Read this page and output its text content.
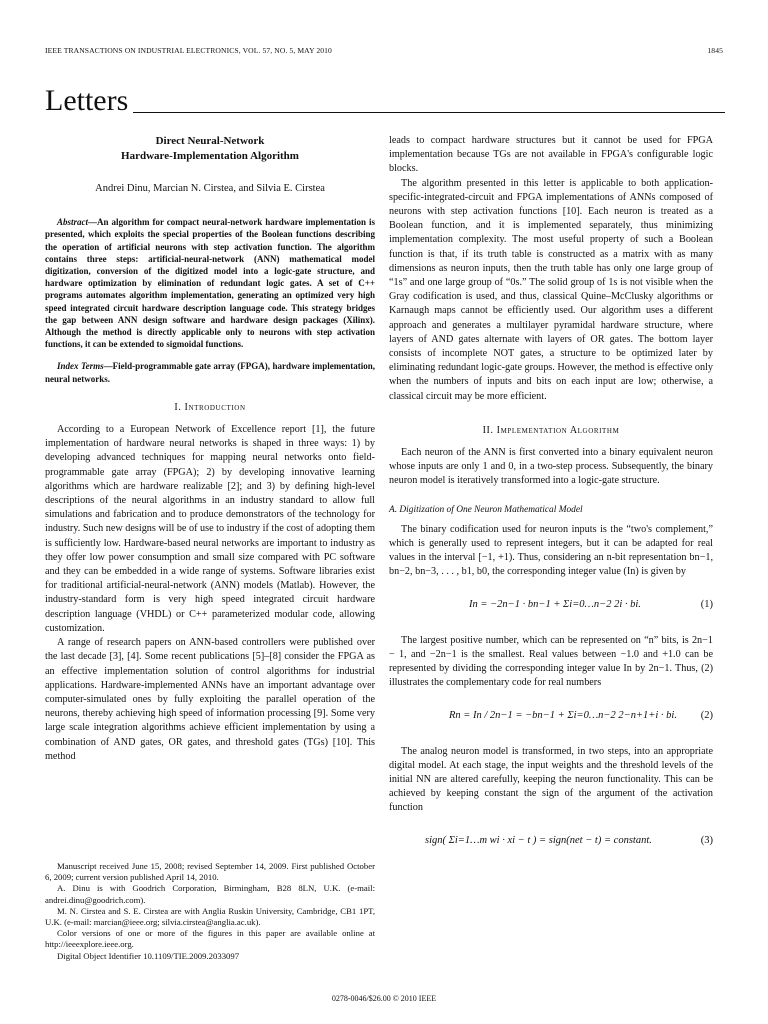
IEEE TRANSACTIONS ON INDUSTRIAL ELECTRONICS, VOL. 57, NO. 5, MAY 2010	1845
Letters
Direct Neural-Network
Hardware-Implementation Algorithm
Andrei Dinu, Marcian N. Cirstea, and Silvia E. Cirstea
Abstract—An algorithm for compact neural-network hardware implementation is presented, which exploits the special properties of the Boolean functions describing the operation of artificial neurons with step activation function. The algorithm contains three steps: artificial-neural-network (ANN) mathematical model digitization, conversion of the digitized model into a logic-gate structure, and hardware optimization by elimination of redundant logic gates. A set of C++ programs automates algorithm implementation, generating an optimized very high speed integrated circuit hardware description language code. This strategy bridges the gap between ANN design software and hardware design packages (Xilinx). Although the method is directly applicable only to neurons with step activation functions, it can be extended to sigmoidal functions.
Index Terms—Field-programmable gate array (FPGA), hardware implementation, neural networks.
I. Introduction

According to a European Network of Excellence report [1], the future implementation of hardware neural networks is shaped in three ways: 1) by developing advanced techniques for mapping neural networks onto field-programmable gate array (FPGA); 2) by developing innovative learning algorithms which are hardware realizable [2]; and 3) by defining high-level descriptions of the neural algorithms in an industry standard to allow full simulations and fabrication and to produce demonstrators of the technology for industry. Such new designs will be of use to industry if the cost of adopting them is sufficiently low. Hardware-based neural networks are important to industry as they offer low power consumption and small size compared with PC software and they can be embedded in a wide range of systems. Software libraries exist for traditional artificial-neural-network (ANN) models (Matlab). However, the industry-standard form is very high speed integrated circuit hardware description language (VHDL) or C++ parameterized modular code, allowing customization.

A range of research papers on ANN-based controllers were published over the last decade [3], [4]. Some recent publications [5]–[8] consider the FPGA as an effective implementation solution of control algorithms for industrial applications. Hardware-implemented ANNs have an important advantage over computer-simulated ones by fully exploiting the parallel operation of the neurons, thereby achieving high speed of information processing [9]. Some very large scale integration algorithms achieve efficient implementation by using a combination of AND gates, OR gates, and threshold gates (TGs) [10]. This method

leads to compact hardware structures but it cannot be used for FPGA implementation because TGs are not available in FPGA's configurable logic blocks.

The algorithm presented in this letter is applicable to both application-specific-integrated-circuit and FPGA implementations of ANNs composed of neurons with step activation functions [10]. Each neuron is treated as a Boolean function, and it is implemented separately, thus minimizing implementation complexity. The most useful property of such a Boolean function is that, if its truth table is constructed as a matrix with as many dimensions as neuron inputs, then the truth table has only one large group of “1s” and one large group of “0s.” The solid group of 1s is not visible when the Gray codification is used, and thus, classical Quine–McClusky algorithms or Karnaugh maps cannot be efficiently used. Our algorithm uses a different approach and generates a multilayer pyramidal hardware structure, where layers of AND gates alternate with layers of OR gates. The bottom layer consists of incomplete NOT gates, a structure to be optimized later by eliminating redundant logic-gate groups. However, the method is effective only when the numbers of inputs and bits on each input are low; otherwise, a classical circuit may be more efficient.

II. Implementation Algorithm

Each neuron of the ANN is first converted into a binary equivalent neuron whose inputs are only 1 and 0, in a two-step process. Subsequently, the binary neuron model is iteratively transformed into a logic-gate structure.

A. Digitization of One Neuron Mathematical Model

The binary codification used for neuron inputs is the “two's complement,” which is generally used to represent integers, but it can be adapted for real values in the interval [−1, +1). Thus, considering an n-bit representation bn−1, bn−2, bn−3, . . . , b1, b0, the corresponding integer value (In) is given by

In = −2n−1 · bn−1 + Σi=0…n−2 2i · bi.	(1)

The largest positive number, which can be represented on “n” bits, is 2n−1 − 1, and −2n−1 is the smallest. Real values between −1.0 and +1.0 can be represented by dividing the corresponding integer value In by 2n−1. Thus, (2) illustrates the complementary code for real numbers

Rn = In / 2n−1 = −bn−1 + Σi=0…n−2 2−n+1+i · bi. (2)

The analog neuron model is transformed, in two steps, into an appropriate digital model. At each stage, the input weights and the threshold levels of the initial NN are altered carefully, keeping the neuron functionality. This can be achieved by keeping constant the sign of the argument of the activation function

sign( Σi=1…m wi · xi − t ) = sign(net − t) = constant.	(3)

Manuscript received June 15, 2008; revised September 14, 2009. First published October 6, 2009; current version published April 14, 2010.

A. Dinu is with Goodrich Corporation, Birmingham, B28 8LN, U.K. (e-mail: andrei.dinu@goodrich.com).

M. N. Cirstea and S. E. Cirstea are with Anglia Ruskin University, Cambridge, CB1 1PT, U.K. (e-mail: marcian@ieee.org; silvia.cirstea@anglia.ac.uk).

Color versions of one or more of the figures in this paper are available online at http://ieeexplore.ieee.org.

Digital Object Identifier 10.1109/TIE.2009.2033097

0278-0046/$26.00 © 2010 IEEE
